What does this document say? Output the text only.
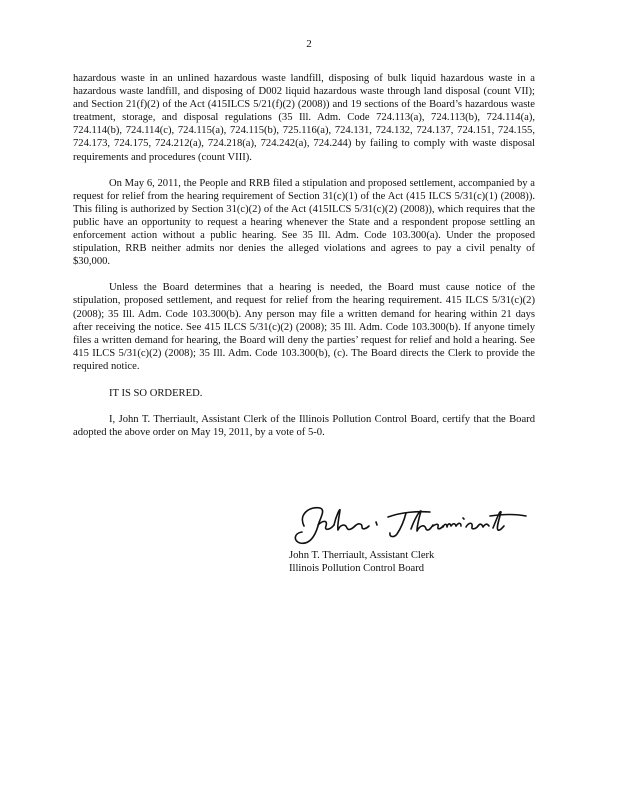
2

hazardous waste in an unlined hazardous waste landfill, disposing of bulk liquid hazardous waste in a hazardous waste landfill, and disposing of D002 liquid hazardous waste through land disposal (count VII); and Section 21(f)(2) of the Act (415ILCS 5/21(f)(2) (2008)) and 19 sections of the Board’s hazardous waste treatment, storage, and disposal regulations (35 Ill. Adm. Code 724.113(a), 724.113(b), 724.114(a), 724.114(b), 724.114(c), 724.115(a), 724.115(b), 725.116(a), 724.131, 724.132, 724.137, 724.151, 724.155, 724.173, 724.175, 724.212(a), 724.218(a), 724.242(a), 724.244) by failing to comply with waste disposal requirements and procedures (count VIII).

On May 6, 2011, the People and RRB filed a stipulation and proposed settlement, accompanied by a request for relief from the hearing requirement of Section 31(c)(1) of the Act (415 ILCS 5/31(c)(1) (2008)). This filing is authorized by Section 31(c)(2) of the Act (415ILCS 5/31(c)(2) (2008)), which requires that the public have an opportunity to request a hearing whenever the State and a respondent propose settling an enforcement action without a public hearing. See 35 Ill. Adm. Code 103.300(a). Under the proposed stipulation, RRB neither admits nor denies the alleged violations and agrees to pay a civil penalty of $30,000.

Unless the Board determines that a hearing is needed, the Board must cause notice of the stipulation, proposed settlement, and request for relief from the hearing requirement. 415 ILCS 5/31(c)(2) (2008); 35 Ill. Adm. Code 103.300(b). Any person may file a written demand for hearing within 21 days after receiving the notice. See 415 ILCS 5/31(c)(2) (2008); 35 Ill. Adm. Code 103.300(b). If anyone timely files a written demand for hearing, the Board will deny the parties’ request for relief and hold a hearing. See 415 ILCS 5/31(c)(2) (2008); 35 Ill. Adm. Code 103.300(b), (c). The Board directs the Clerk to provide the required notice.

IT IS SO ORDERED.

I, John T. Therriault, Assistant Clerk of the Illinois Pollution Control Board, certify that the Board adopted the above order on May 19, 2011, by a vote of 5-0.

John T. Therriault, Assistant Clerk
Illinois Pollution Control Board
